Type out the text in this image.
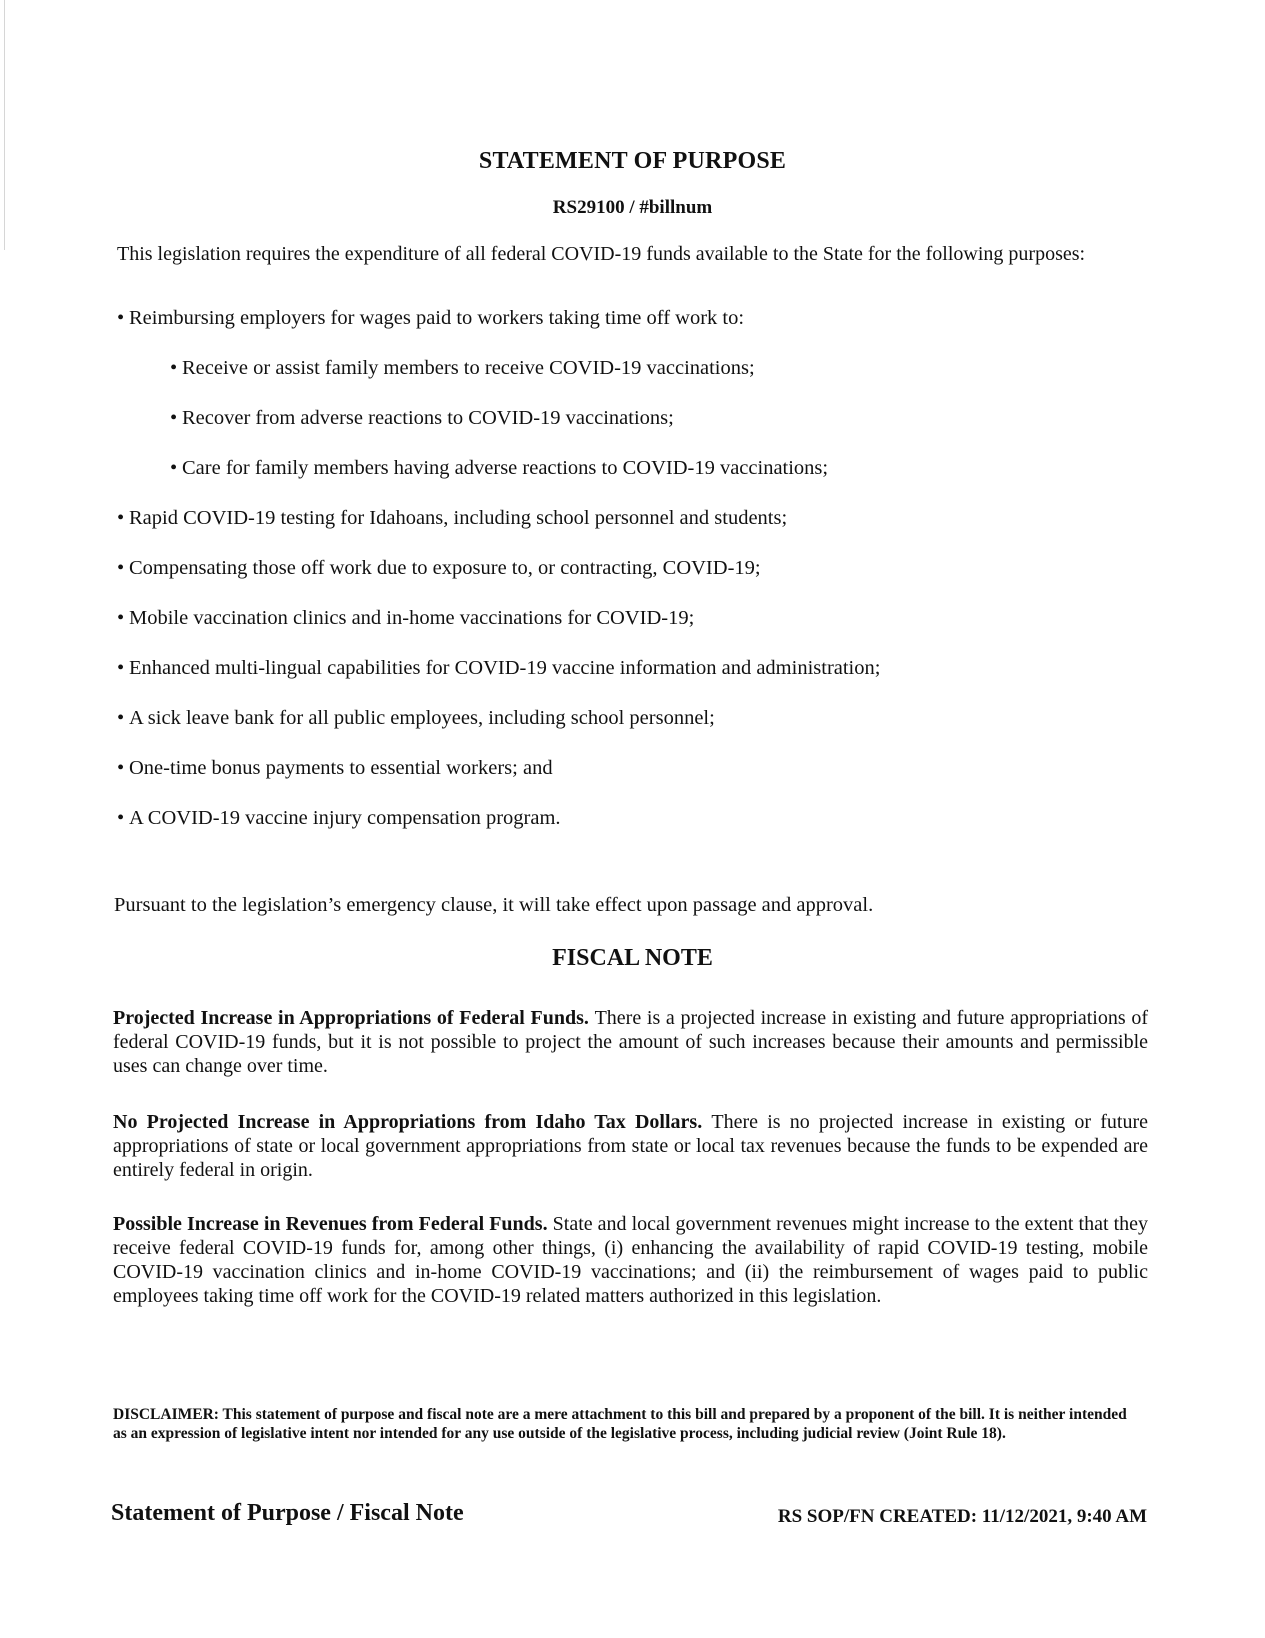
STATEMENT OF PURPOSE
RS29100 / #billnum

This legislation requires the expenditure of all federal COVID-19 funds available to the State for the following purposes:

• Reimbursing employers for wages paid to workers taking time off work to:

• Receive or assist family members to receive COVID-19 vaccinations;

• Recover from adverse reactions to COVID-19 vaccinations;

• Care for family members having adverse reactions to COVID-19 vaccinations;

• Rapid COVID-19 testing for Idahoans, including school personnel and students;

• Compensating those off work due to exposure to, or contracting, COVID-19;

• Mobile vaccination clinics and in-home vaccinations for COVID-19;

• Enhanced multi-lingual capabilities for COVID-19 vaccine information and administration;

• A sick leave bank for all public employees, including school personnel;

• One-time bonus payments to essential workers; and

• A COVID-19 vaccine injury compensation program.

Pursuant to the legislation’s emergency clause, it will take effect upon passage and approval.

FISCAL NOTE

Projected Increase in Appropriations of Federal Funds. There is a projected increase in existing and future appropriations of federal COVID-19 funds, but it is not possible to project the amount of such increases because their amounts and permissible uses can change over time.

No Projected Increase in Appropriations from Idaho Tax Dollars. There is no projected increase in existing or future appropriations of state or local government appropriations from state or local tax revenues because the funds to be expended are entirely federal in origin.

Possible Increase in Revenues from Federal Funds. State and local government revenues might increase to the extent that they receive federal COVID-19 funds for, among other things, (i) enhancing the availability of rapid COVID-19 testing, mobile COVID-19 vaccination clinics and in-home COVID-19 vaccinations; and (ii) the reimbursement of wages paid to public employees taking time off work for the COVID-19 related matters authorized in this legislation.

DISCLAIMER: This statement of purpose and fiscal note are a mere attachment to this bill and prepared by a proponent of the bill. It is neither intended as an expression of legislative intent nor intended for any use outside of the legislative process, including judicial review (Joint Rule 18).

Statement of Purpose / Fiscal Note	RS SOP/FN CREATED: 11/12/2021, 9:40 AM
